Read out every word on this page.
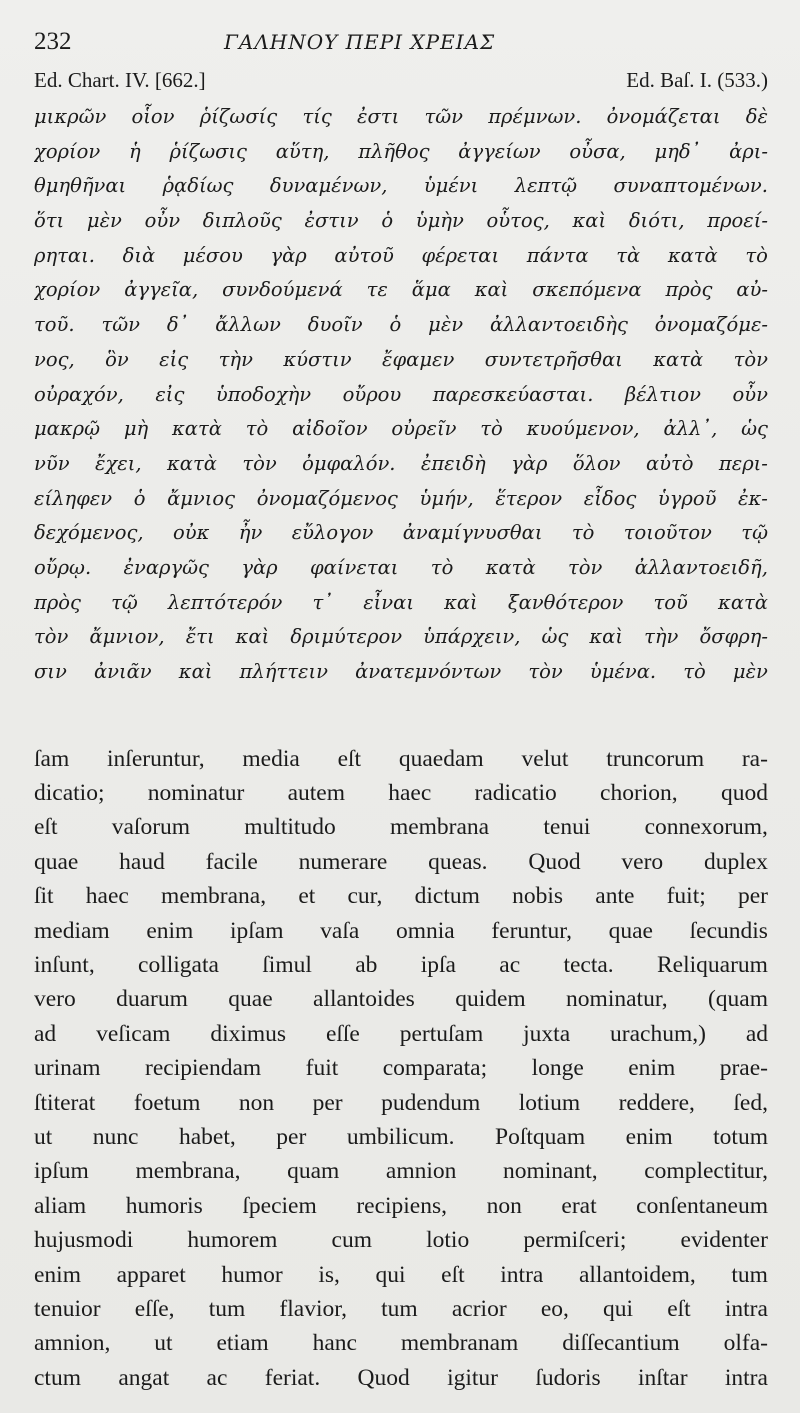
232	ΓΑΛΗΝΟΥ ΠΕΡΙ ΧΡΕΙΑΣ
Ed. Chart. IV. [662.]	Ed. Baſ. I. (533.)
μικρῶν οἷον ῥίζωσίς τίς ἐστι τῶν πρέμνων. ὀνομάζεται δὲ
χορίον ἡ ῥίζωσις αὕτη, πλῆθος ἀγγείων οὖσα, μηδ᾽ ἀρι-
θμηθῆναι ῥᾳδίως δυναμένων, ὑμένι λεπτῷ συναπτομένων.
ὅτι μὲν οὖν διπλοῦς ἐστιν ὁ ὑμὴν οὗτος, καὶ διότι, προεί-
ρηται. διὰ μέσου γὰρ αὐτοῦ φέρεται πάντα τὰ κατὰ τὸ
χορίον ἀγγεῖα, συνδούμενά τε ἅμα καὶ σκεπόμενα πρὸς αὐ-
τοῦ. τῶν δ᾽ ἄλλων δυοῖν ὁ μὲν ἀλλαντοειδὴς ὀνομαζόμε-
νος, ὃν εἰς τὴν κύστιν ἔφαμεν συντετρῆσθαι κατὰ τὸν
οὐραχόν, εἰς ὑποδοχὴν οὔρου παρεσκεύασται. βέλτιον οὖν
μακρῷ μὴ κατὰ τὸ αἰδοῖον οὐρεῖν τὸ κυούμενον, ἀλλ᾽, ὡς
νῦν ἔχει, κατὰ τὸν ὀμφαλόν. ἐπειδὴ γὰρ ὅλον αὐτὸ περι-
είληφεν ὁ ἄμνιος ὀνομαζόμενος ὑμήν, ἕτερον εἶδος ὑγροῦ ἐκ-
δεχόμενος, οὐκ ἦν εὔλογον ἀναμίγνυσθαι τὸ τοιοῦτον τῷ
οὔρῳ. ἐναργῶς γὰρ φαίνεται τὸ κατὰ τὸν ἀλλαντοειδῆ,
πρὸς τῷ λεπτότερόν τ᾽ εἶναι καὶ ξανθότερον τοῦ κατὰ
τὸν ἄμνιον, ἔτι καὶ δριμύτερον ὑπάρχειν, ὡς καὶ τὴν ὄσφρη-
σιν ἀνιᾶν καὶ πλήττειν ἀνατεμνόντων τὸν ὑμένα. τὸ μὲν
ſam inſeruntur, media eſt quaedam velut truncorum ra-
dicatio; nominatur autem haec radicatio chorion, quod
eſt vaſorum multitudo membrana tenui connexorum,
quae haud facile numerare queas. Quod vero duplex
ſit haec membrana, et cur, dictum nobis ante fuit; per
mediam enim ipſam vaſa omnia feruntur, quae ſecundis
inſunt, colligata ſimul ab ipſa ac tecta. Reliquarum
vero duarum quae allantoides quidem nominatur, (quam
ad veſicam diximus eſſe pertuſam juxta urachum,) ad
urinam recipiendam fuit comparata; longe enim prae-
ſtiterat foetum non per pudendum lotium reddere, ſed,
ut nunc habet, per umbilicum. Poſtquam enim totum
ipſum membrana, quam amnion nominant, complectitur,
aliam humoris ſpeciem recipiens, non erat conſentaneum
hujusmodi humorem cum lotio permiſceri; evidenter
enim apparet humor is, qui eſt intra allantoidem, tum
tenuior eſſe, tum flavior, tum acrior eo, qui eſt intra
amnion, ut etiam hanc membranam diſſecantium olfa-
ctum angat ac feriat. Quod igitur ſudoris inſtar intra
